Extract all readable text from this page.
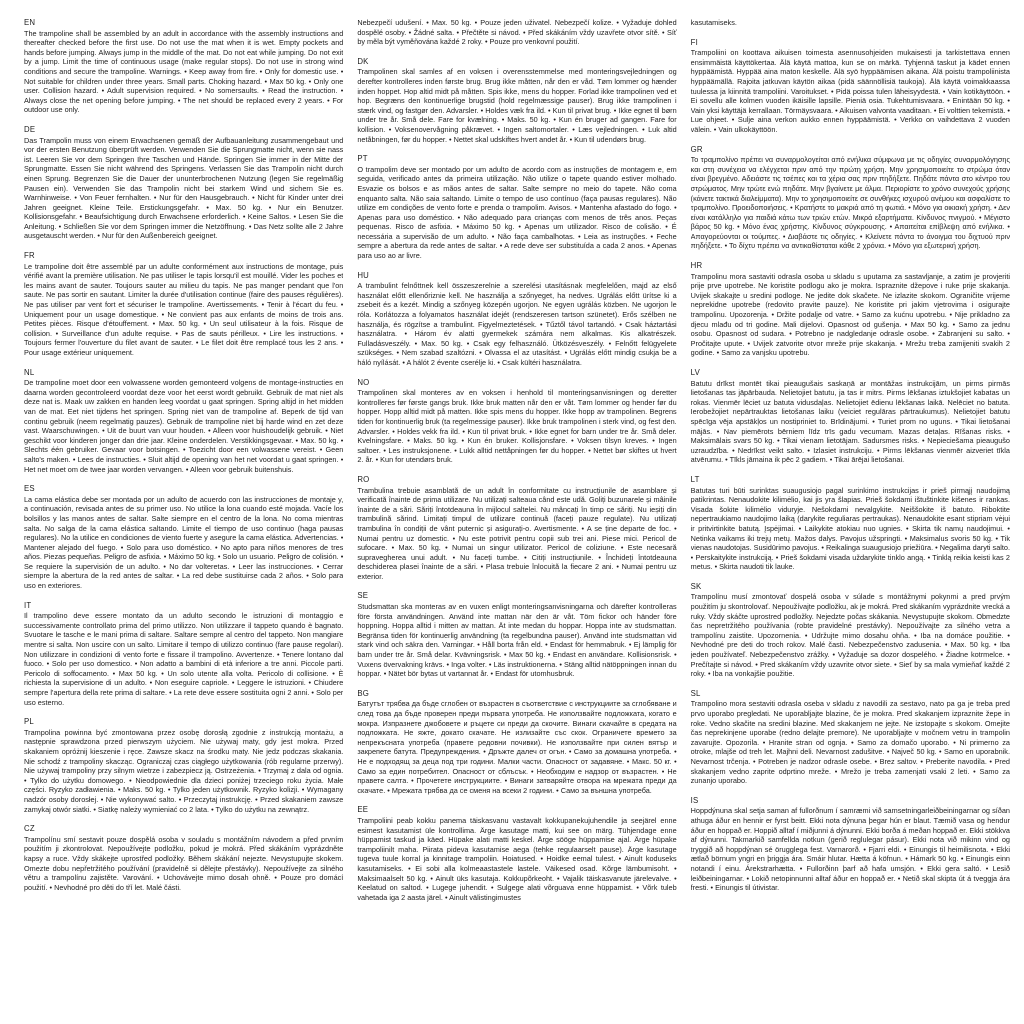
EN

The trampoline shall be assembled by an adult in accordance with the assembly instructions and thereafter checked before the first use. Do not use the mat when it is wet. Empty pockets and hands before jumping. Always jump in the middle of the mat. Do not eat while jumping. Do not exit by a jump. Limit the time of continuous usage (make regular stops). Do not use in strong wind conditions and secure the trampoline. Warnings. • Keep away from fire. • Only for domestic use. • Not suitable for children under three years. Small parts. Choking hazard. • Max 50 kg. • Only one user. Collision hazard. • Adult supervision required. • No somersaults. • Read the instruction. • Always close the net opening before jumping. • The net should be replaced every 2 years. • For outdoor use only.

DE

Das Trampolin muss von einem Erwachsenen gemäß der Aufbauanleitung zusammengebaut und vor der ersten Benutzung überprüft werden. Verwenden Sie die Sprungmatte nicht, wenn sie nass ist. Leeren Sie vor dem Springen Ihre Taschen und Hände. Springen Sie immer in der Mitte der Sprungmatte. Essen Sie nicht während des Springens. Verlassen Sie das Trampolin nicht durch einen Sprung. Begrenzen Sie die Dauer der ununterbrochenen Nutzung (legen Sie regelmäßig Pausen ein). Verwenden Sie das Trampolin nicht bei starkem Wind und sichern Sie es. Warnhinweise. • Von Feuer fernhalten. • Nur für den Hausgebrauch. • Nicht für Kinder unter drei Jahren geeignet. Kleine Teile. Erstickungsgefahr. • Max. 50 kg. • Nur ein Benutzer. Kollisionsgefahr. • Beaufsichtigung durch Erwachsene erforderlich. • Keine Saltos. • Lesen Sie die Anleitung. • Schließen Sie vor dem Springen immer die Netzöffnung. • Das Netz sollte alle 2 Jahre ausgetauscht werden. • Nur für den Außenbereich geeignet.

FR

Le trampoline doit être assemblé par un adulte conformément aux instructions de montage, puis vérifié avant la première utilisation. Ne pas utiliser le tapis lorsqu'il est mouillé. Vider les poches et les mains avant de sauter. Toujours sauter au milieu du tapis. Ne pas manger pendant que l'on saute. Ne pas sortir en sautant. Limiter la durée d'utilisation continue (faire des pauses régulières). Ne pas utiliser par vent fort et sécuriser le trampoline. Avertissements. • Tenir à l'écart du feu. • Uniquement pour un usage domestique. • Ne convient pas aux enfants de moins de trois ans. Petites pièces. Risque d'étouffement. • Max. 50 kg. • Un seul utilisateur à la fois. Risque de collision. • Surveillance d'un adulte requise. • Pas de sauts périlleux. • Lire les instructions. • Toujours fermer l'ouverture du filet avant de sauter. • Le filet doit être remplacé tous les 2 ans. • Pour usage extérieur uniquement.

NL

De trampoline moet door een volwassene worden gemonteerd volgens de montage-instructies en daarna worden gecontroleerd voordat deze voor het eerst wordt gebruikt. Gebruik de mat niet als deze nat is. Maak uw zakken en handen leeg voordat u gaat springen. Spring altijd in het midden van de mat. Eet niet tijdens het springen. Spring niet van de trampoline af. Beperk de tijd van continu gebruik (neem regelmatig pauzes). Gebruik de trampoline niet bij harde wind en zet deze vast. Waarschuwingen. • Uit de buurt van vuur houden. • Alleen voor huishoudelijk gebruik. • Niet geschikt voor kinderen jonger dan drie jaar. Kleine onderdelen. Verstikkingsgevaar. • Max. 50 kg. • Slechts één gebruiker. Gevaar voor botsingen. • Toezicht door een volwassene vereist. • Geen salto's maken. • Lees de instructies. • Sluit altijd de opening van het net voordat u gaat springen. • Het net moet om de twee jaar worden vervangen. • Alleen voor gebruik buitenshuis.

ES

La cama elástica debe ser montada por un adulto de acuerdo con las instrucciones de montaje y, a continuación, revisada antes de su primer uso. No utilice la lona cuando esté mojada. Vacíe los bolsillos y las manos antes de saltar. Salte siempre en el centro de la lona. No coma mientras salta. No salga de la cama elástica saltando. Limite el tiempo de uso continuo (haga pausas regulares). No la utilice en condiciones de viento fuerte y asegure la cama elástica. Advertencias. • Mantener alejado del fuego. • Solo para uso doméstico. • No apto para niños menores de tres años. Piezas pequeñas. Peligro de asfixia. • Máximo 50 kg. • Solo un usuario. Peligro de colisión. • Se requiere la supervisión de un adulto. • No dar volteretas. • Leer las instrucciones. • Cerrar siempre la abertura de la red antes de saltar. • La red debe sustituirse cada 2 años. • Solo para uso en exteriores.

IT

Il trampolino deve essere montato da un adulto secondo le istruzioni di montaggio e successivamente controllato prima del primo utilizzo. Non utilizzare il tappeto quando è bagnato. Svuotare le tasche e le mani prima di saltare. Saltare sempre al centro del tappeto. Non mangiare mentre si salta. Non uscire con un salto. Limitare il tempo di utilizzo continuo (fare pause regolari). Non utilizzare in condizioni di vento forte e fissare il trampolino. Avvertenze. • Tenere lontano dal fuoco. • Solo per uso domestico. • Non adatto a bambini di età inferiore a tre anni. Piccole parti. Pericolo di soffocamento. • Max 50 kg. • Un solo utente alla volta. Pericolo di collisione. • È richiesta la supervisione di un adulto. • Non eseguire capriole. • Leggere le istruzioni. • Chiudere sempre l'apertura della rete prima di saltare. • La rete deve essere sostituita ogni 2 anni. • Solo per uso esterno.

PL

Trampolina powinna być zmontowana przez osobę dorosłą zgodnie z instrukcją montażu, a następnie sprawdzona przed pierwszym użyciem. Nie używaj maty, gdy jest mokra. Przed skakaniem opróżnij kieszenie i ręce. Zawsze skacz na środku maty. Nie jedz podczas skakania. Nie schodź z trampoliny skacząc. Ograniczaj czas ciągłego użytkowania (rób regularne przerwy). Nie używaj trampoliny przy silnym wietrze i zabezpiecz ją. Ostrzeżenia. • Trzymaj z dala od ognia. • Tylko do użytku domowego. • Nieodpowiednie dla dzieci poniżej trzeciego roku życia. Małe części. Ryzyko zadławienia. • Maks. 50 kg. • Tylko jeden użytkownik. Ryzyko kolizji. • Wymagany nadzór osoby dorosłej. • Nie wykonywać salto. • Przeczytaj instrukcję. • Przed skakaniem zawsze zamykaj otwór siatki. • Siatkę należy wymieniać co 2 lata. • Tylko do użytku na zewnątrz.

CZ

Trampolínu smí sestavit pouze dospělá osoba v souladu s montážním návodem a před prvním použitím ji zkontrolovat. Nepoužívejte podložku, pokud je mokrá. Před skákáním vyprázdněte kapsy a ruce. Vždy skákejte uprostřed podložky. Během skákání nejezte. Nevystupujte skokem. Omezte dobu nepřetržitého používání (pravidelně si dělejte přestávky). Nepoužívejte za silného větru a trampolínu zajistěte. Varování. • Uchovávejte mimo dosah ohně. • Pouze pro domácí použití. • Nevhodné pro děti do tří let. Malé části.

Nebezpečí udušení. • Max. 50 kg. • Pouze jeden uživatel. Nebezpečí kolize. • Vyžaduje dohled dospělé osoby. • Žádné salta. • Přečtěte si návod. • Před skákáním vždy uzavřete otvor sítě. • Síť by měla být vyměňována každé 2 roky. • Pouze pro venkovní použití.

DK

Trampolinen skal samles af en voksen i overensstemmelse med monteringsvejledningen og derefter kontrolleres inden første brug. Brug ikke måtten, når den er våd. Tøm lommer og hænder inden hoppet. Hop altid midt på måtten. Spis ikke, mens du hopper. Forlad ikke trampolinen ved et hop. Begræns den kontinuerlige brugstid (hold regelmæssige pauser). Brug ikke trampolinen i stærk vind, og fastgør den. Advarsler. • Holdes væk fra ild. • Kun til privat brug. • Ikke egnet til børn under tre år. Små dele. Fare for kvælning. • Maks. 50 kg. • Kun én bruger ad gangen. Fare for kollision. • Voksenovervågning påkrævet. • Ingen saltomortaler. • Læs vejledningen. • Luk altid netåbningen, før du hopper. • Nettet skal udskiftes hvert andet år. • Kun til udendørs brug.

PT

O trampolim deve ser montado por um adulto de acordo com as instruções de montagem e, em seguida, verificado antes da primeira utilização. Não utilize o tapete quando estiver molhado. Esvazie os bolsos e as mãos antes de saltar. Salte sempre no meio do tapete. Não coma enquanto salta. Não saia saltando. Limite o tempo de uso contínuo (faça pausas regulares). Não utilize em condições de vento forte e prenda o trampolim. Avisos. • Mantenha afastado do fogo. • Apenas para uso doméstico. • Não adequado para crianças com menos de três anos. Peças pequenas. Risco de asfixia. • Máximo 50 kg. • Apenas um utilizador. Risco de colisão. • É necessária a supervisão de um adulto. • Não faça cambalhotas. • Leia as instruções. • Feche sempre a abertura da rede antes de saltar. • A rede deve ser substituída a cada 2 anos. • Apenas para uso ao ar livre.

HU

A trambulint felnőttnek kell összeszerelnie a szerelési utasításnak megfelelően, majd az első használat előtt ellenőriznie kell. Ne használja a szőnyeget, ha nedves. Ugrálás előtt ürítse ki a zsebeit és a kezét. Mindig a szőnyeg közepén ugorjon. Ne egyen ugrálás közben. Ne ugorjon le róla. Korlátozza a folyamatos használat idejét (rendszeresen tartson szünetet). Erős szélben ne használja, és rögzítse a trambulint. Figyelmeztetések. • Tűztől távol tartandó. • Csak háztartási használatra. • Három év alatti gyermekek számára nem alkalmas. Kis alkatrészek. Fulladásveszély. • Max. 50 kg. • Csak egy felhasználó. Ütközésveszély. • Felnőtt felügyelete szükséges. • Nem szabad szaltózni. • Olvassa el az utasítást. • Ugrálás előtt mindig csukja be a háló nyílását. • A hálót 2 évente cserélje ki. • Csak kültéri használatra.

NO

Trampolinen skal monteres av en voksen i henhold til monteringsanvisningen og deretter kontrolleres før første gangs bruk. Ikke bruk matten når den er våt. Tøm lommer og hender før du hopper. Hopp alltid midt på matten. Ikke spis mens du hopper. Ikke hopp av trampolinen. Begrens tiden for kontinuerlig bruk (ta regelmessige pauser). Ikke bruk trampolinen i sterk vind, og fest den. Advarsler. • Holdes vekk fra ild. • Kun til privat bruk. • Ikke egnet for barn under tre år. Små deler. Kvelningsfare. • Maks. 50 kg. • Kun én bruker. Kollisjonsfare. • Voksen tilsyn kreves. • Ingen saltoer. • Les instruksjonene. • Lukk alltid nettåpningen før du hopper. • Nettet bør skiftes ut hvert 2. år. • Kun for utendørs bruk.

RO

Trambulina trebuie asamblată de un adult în conformitate cu instrucțiunile de asamblare și verificată înainte de prima utilizare. Nu utilizați salteaua când este udă. Goliți buzunarele și mâinile înainte de a sări. Săriți întotdeauna în mijlocul saltelei. Nu mâncați în timp ce săriți. Nu ieșiți din trambulină sărind. Limitați timpul de utilizare continuă (faceți pauze regulate). Nu utilizați trambulina în condiții de vânt puternic și asigurați-o. Avertismente. • A se ține departe de foc. • Numai pentru uz domestic. • Nu este potrivit pentru copii sub trei ani. Piese mici. Pericol de sufocare. • Max. 50 kg. • Numai un singur utilizator. Pericol de coliziune. • Este necesară supravegherea unui adult. • Nu faceți tumbe. • Citiți instrucțiunile. • Închideți întotdeauna deschiderea plasei înainte de a sări. • Plasa trebuie înlocuită la fiecare 2 ani. • Numai pentru uz exterior.

SE

Studsmattan ska monteras av en vuxen enligt monteringsanvisningarna och därefter kontrolleras före första användningen. Använd inte mattan när den är våt. Töm fickor och händer före hoppning. Hoppa alltid i mitten av mattan. Ät inte medan du hoppar. Hoppa inte av studsmattan. Begränsa tiden för kontinuerlig användning (ta regelbundna pauser). Använd inte studsmattan vid stark vind och säkra den. Varningar. • Håll borta från eld. • Endast för hemmabruk. • Ej lämplig för barn under tre år. Små delar. Kvävningsrisk. • Max 50 kg. • Endast en användare. Kollisionsrisk. • Vuxens övervakning krävs. • Inga volter. • Läs instruktionerna. • Stäng alltid nätöppningen innan du hoppar. • Nätet bör bytas ut vartannat år. • Endast för utomhusbruk.

BG

Батутът трябва да бъде сглобен от възрастен в съответствие с инструкциите за сглобяване и след това да бъде проверен преди първата употреба. Не използвайте подложката, когато е мокра. Изпразнете джобовете и ръцете си преди да скочите. Винаги скачайте в средата на подложката. Не яжте, докато скачате. Не излизайте със скок. Ограничете времето за непрекъсната употреба (правете редовни почивки). Не използвайте при силен вятър и закрепете батута. Предупреждения. • Дръжте далеч от огън. • Само за домашна употреба. • Не е подходящ за деца под три години. Малки части. Опасност от задавяне. • Макс. 50 кг. • Само за един потребител. Опасност от сблъсък. • Необходим е надзор от възрастен. • Не правете салта. • Прочетете инструкциите. • Винаги затваряйте отвора на мрежата преди да скачате. • Мрежата трябва да се сменя на всеки 2 години. • Само за външна употреба.

EE

Trampoliini peab kokku panema täiskasvanu vastavalt kokkupanekujuhendile ja seejärel enne esimest kasutamist üle kontrollima. Ärge kasutage matti, kui see on märg. Tühjendage enne hüppamist taskud ja käed. Hüpake alati matti keskel. Ärge sööge hüppamise ajal. Ärge hüpake trampoliinilt maha. Piirata pideva kasutamise aega (tehke regulaarselt pause). Ärge kasutage tugeva tuule korral ja kinnitage trampoliin. Hoiatused. • Hoidke eemal tulest. • Ainult koduseks kasutamiseks. • Ei sobi alla kolmeaastastele lastele. Väikesed osad. Kõrge lämbumisoht. • Maksimaalselt 50 kg. • Ainult üks kasutaja. Kokkupõrkeoht. • Vajalik täiskasvanute järelevalve. • Keelatud on saltod. • Lugege juhendit. • Sulgege alati võrguava enne hüppamist. • Võrk tuleb vahetada iga 2 aasta järel. • Ainult välistingimustes

kasutamiseks.

FI

Trampoliini on koottava aikuisen toimesta asennusohjeiden mukaisesti ja tarkistettava ennen ensimmäistä käyttökertaa. Älä käytä mattoa, kun se on märkä. Tyhjennä taskut ja kädet ennen hyppäämistä. Hyppää aina maton keskelle. Älä syö hyppäämisen aikana. Älä poistu trampoliinista hyppäämällä. Rajoita jatkuvan käytön aikaa (pidä säännöllisiä taukoja). Älä käytä voimakkaassa tuulessa ja kiinnitä trampoliini. Varoitukset. • Pidä poissa tulen läheisyydestä. • Vain kotikäyttöön. • Ei sovellu alle kolmen vuoden ikäisille lapsille. Pieniä osia. Tukehtumisvaara. • Enintään 50 kg. • Vain yksi käyttäjä kerrallaan. Törmäysvaara. • Aikuisen valvonta vaaditaan. • Ei volttien tekemistä. • Lue ohjeet. • Sulje aina verkon aukko ennen hyppäämistä. • Verkko on vaihdettava 2 vuoden välein. • Vain ulkokäyttöön.

GR

Το τραμπολίνο πρέπει να συναρμολογείται από ενήλικα σύμφωνα με τις οδηγίες συναρμολόγησης και στη συνέχεια να ελέγχεται πριν από την πρώτη χρήση. Μην χρησιμοποιείτε το στρώμα όταν είναι βρεγμένο. Αδειάστε τις τσέπες και τα χέρια σας πριν πηδήξετε. Πηδάτε πάντα στο κέντρο του στρώματος. Μην τρώτε ενώ πηδάτε. Μην βγαίνετε με άλμα. Περιορίστε το χρόνο συνεχούς χρήσης (κάνετε τακτικά διαλείμματα). Μην το χρησιμοποιείτε σε συνθήκες ισχυρού ανέμου και ασφαλίστε το τραμπολίνο. Προειδοποιήσεις. • Κρατήστε το μακριά από τη φωτιά. • Μόνο για οικιακή χρήση. • Δεν είναι κατάλληλο για παιδιά κάτω των τριών ετών. Μικρά εξαρτήματα. Κίνδυνος πνιγμού. • Μέγιστο βάρος 50 kg. • Μόνο ένας χρήστης. Κίνδυνος σύγκρουσης. • Απαιτείται επίβλεψη από ενήλικα. • Απαγορεύονται οι τούμπες. • Διαβάστε τις οδηγίες. • Κλείνετε πάντα το άνοιγμα του διχτυού πριν πηδήξετε. • Το δίχτυ πρέπει να αντικαθίσταται κάθε 2 χρόνια. • Μόνο για εξωτερική χρήση.

HR

Trampolinu mora sastaviti odrasla osoba u skladu s uputama za sastavljanje, a zatim je provjeriti prije prve upotrebe. Ne koristite podlogu ako je mokra. Ispraznite džepove i ruke prije skakanja. Uvijek skakajte u sredini podloge. Ne jedite dok skačete. Ne izlazite skokom. Ograničite vrijeme neprekidne upotrebe (redovito pravite pauze). Ne koristite pri jakim vjetrovima i osigurajte trampolinu. Upozorenja. • Držite podalje od vatre. • Samo za kućnu upotrebu. • Nije prikladno za djecu mlađu od tri godine. Mali dijelovi. Opasnost od gušenja. • Max 50 kg. • Samo za jednu osobu. Opasnost od sudara. • Potrebno je nadgledanje odrasle osobe. • Zabranjeni su salto. • Pročitajte upute. • Uvijek zatvorite otvor mreže prije skakanja. • Mrežu treba zamijeniti svakih 2 godine. • Samo za vanjsku upotrebu.

LV

Batutu drīkst montēt tikai pieaugušais saskaņā ar montāžas instrukcijām, un pirms pirmās lietošanas tas jāpārbauda. Nelietojiet batutu, ja tas ir mitrs. Pirms lēkšanas iztukšojiet kabatas un rokas. Vienmēr lēciet uz batuta vidusdaļas. Nelietojiet ēdienu lēkšanas laikā. Nelēciet no batuta. Ierobežojiet nepārtrauktas lietošanas laiku (veiciet regulāras pārtraukumus). Nelietojiet batutu spēcīga vēja apstākļos un nostipriniet to. Brīdinājumi. • Turiet prom no uguns. • Tikai lietošanai mājās. • Nav piemērots bērniem līdz trīs gadu vecumam. Mazas detaļas. Rīšanas risks. • Maksimālais svars 50 kg. • Tikai vienam lietotājam. Sadursmes risks. • Nepieciešama pieaugušo uzraudzība. • Nedrīkst veikt salto. • Izlasiet instrukciju. • Pirms lēkšanas vienmēr aizveriet tīkla atvērumu. • Tīkls jāmaina ik pēc 2 gadiem. • Tikai ārējai lietošanai.

LT

Batutas turi būti surinktas suaugusiojo pagal surinkimo instrukcijas ir prieš pirmąjį naudojimą patikrintas. Nenaudokite kilimėlio, kai jis yra šlapias. Prieš šokdami ištuštinkite kišenes ir rankas. Visada šokite kilimėlio viduryje. Nešokdami nevalgykite. Neiššokite iš batuto. Riboktite nepertraukiamo naudojimo laiką (darykite reguliaras pertraukas). Nenaudokite esant stipriam vėjui ir pritvirtinkite batutą. Įspėjimai. • Laikykite atokiau nuo ugnies. • Skirta tik namų naudojimui. • Netinka vaikams iki trejų metų. Mažos dalys. Pavojus užspringti. • Maksimalus svoris 50 kg. • Tik vienas naudotojas. Susidūrimo pavojus. • Reikalinga suaugusiojo priežiūra. • Negalima daryti salto. • Perskaitykite instrukciją. • Prieš šokdami visada uždarykite tinklo angą. • Tinklą reikia keisti kas 2 metus. • Skirta naudoti tik lauke.

SK

Trampolínu musí zmontovať dospelá osoba v súlade s montážnymi pokynmi a pred prvým použitím ju skontrolovať. Nepoužívajte podložku, ak je mokrá. Pred skákaním vyprázdnite vrecká a ruky. Vždy skáčte uprostred podložky. Nejedzte počas skákania. Nevystupujte skokom. Obmedzte čas nepretržitého používania (robte pravidelné prestávky). Nepoužívajte za silného vetra a trampolínu zaistite. Upozornenia. • Udržujte mimo dosahu ohňa. • Iba na domáce použitie. • Nevhodné pre deti do troch rokov. Malé časti. Nebezpečenstvo zadusenia. • Max. 50 kg. • Iba jeden používateľ. Nebezpečenstvo zrážky. • Vyžaduje sa dozor dospelého. • Žiadne kotrmelce. • Prečítajte si návod. • Pred skákaním vždy uzavrite otvor siete. • Sieť by sa mala vymieňať každé 2 roky. • Iba na vonkajšie použitie.

SL

Trampolino mora sestaviti odrasla oseba v skladu z navodili za sestavo, nato pa ga je treba pred prvo uporabo pregledati. Ne uporabljajte blazine, če je mokra. Pred skakanjem izpraznite žepe in roke. Vedno skačite na sredini blazine. Med skakanjem ne jejte. Ne izstopajte s skokom. Omejite čas neprekinjene uporabe (redno delajte premore). Ne uporabljajte v močnem vetru in trampolin zavarujte. Opozorila. • Hranite stran od ognja. • Samo za domačo uporabo. • Ni primerno za otroke, mlajše od treh let. Majhni deli. Nevarnost zadušitve. • Največ 50 kg. • Samo en uporabnik. Nevarnost trčenja. • Potreben je nadzor odrasle osebe. • Brez saltov. • Preberite navodila. • Pred skakanjem vedno zaprite odprtino mreže. • Mrežo je treba zamenjati vsaki 2 leti. • Samo za zunanjo uporabo.

IS

Hoppdýnuna skal setja saman af fullorðnum í samræmi við samsetningarleiðbeiningarnar og síðan athuga áður en hennir er fyrst beitt. Ekki nota dýnuna þegar hún er blaut. Tæmið vasa og hendur áður en hoppað er. Hoppið alltaf í miðjunni á dýnunni. Ekki borða á meðan hoppað er. Ekki stökkva af dýnunni. Takmarkið samfellda notkun (gerið reglulegar pásur). Ekki nota við mikinn vind og tryggið að hoppdýnan sé örugglega fest. Varnarorð. • Fjarri eldi. • Einungis til heimilisnota. • Ekki ætlað börnum yngri en þriggja ára. Smáir hlutar. Hætta á köfnun. • Hámark 50 kg. • Einungis einn notandi í einu. Árekstrarhætta. • Fullorðinn þarf að hafa umsjón. • Ekki gera saltó. • Lesið leiðbeiningarnar. • Lokið netopinnunni alltaf áður en hoppað er. • Netið skal skipta út á tveggja ára fresti. • Einungis til útivistar.
